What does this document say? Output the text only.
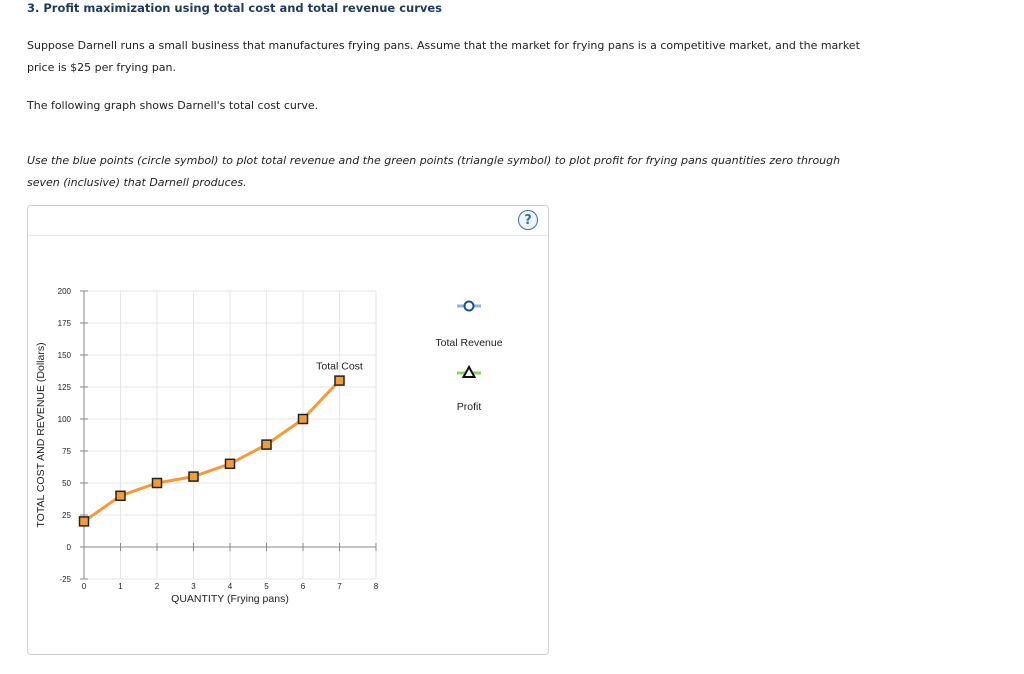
3. Profit maximization using total cost and total revenue curves
Suppose Darnell runs a small business that manufactures frying pans. Assume that the market for frying pans is a competitive market, and the market
price is $25 per frying pan.
The following graph shows Darnell's total cost curve.
Use the blue points (circle symbol) to plot total revenue and the green points (triangle symbol) to plot profit for frying pans quantities zero through
seven (inclusive) that Darnell produces.
?
-25
0
25
50
75
100
125
150
175
200
0	1	2	3	4	5	6	7	8
QUANTITY (Frying pans)
TOTAL COST AND REVENUE (Dollars)	Total Cost
Total Revenue
Profit
